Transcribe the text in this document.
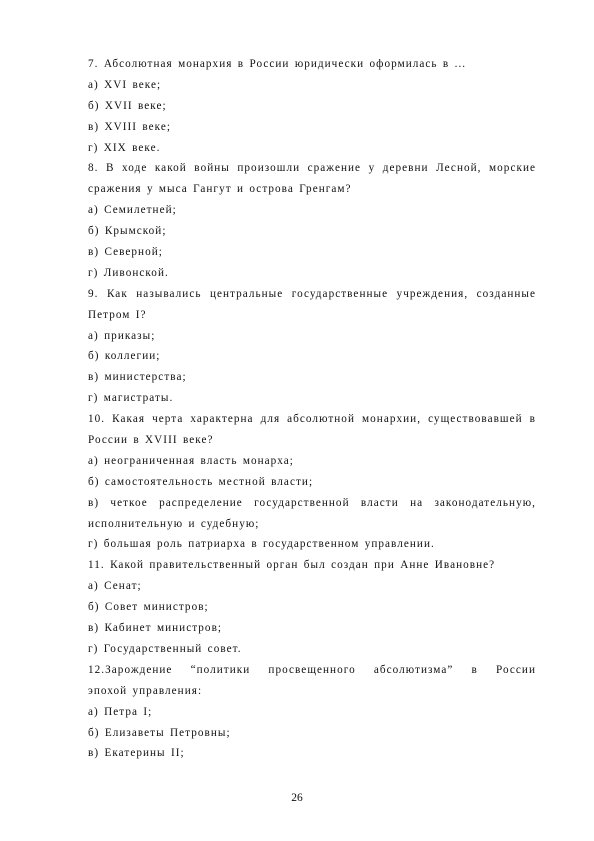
7. Абсолютная монархия в России юридически оформилась в ...
а) XVI веке;
б) XVII веке;
в) XVIII веке;
г) XIX веке.
8. В ходе какой войны произошли сражение у деревни Лесной, морские
сражения у мыса Гангут и острова Гренгам?
а) Семилетней;
б) Крымской;
в) Северной;
г) Ливонской.
9. Как назывались центральные государственные учреждения, созданные
Петром I?
а) приказы;
б) коллегии;
в) министерства;
г) магистраты.
10. Какая черта характерна для абсолютной монархии, существовавшей в
России в XVIII веке?
а) неограниченная власть монарха;
б) самостоятельность местной власти;
в) четкое распределение государственной власти на законодательную,
исполнительную и судебную;
г) большая роль патриарха в государственном управлении.
11. Какой правительственный орган был создан при Анне Ивановне?
а) Сенат;
б) Совет министров;
в) Кабинет министров;
г) Государственный совет.
12.Зарождение “политики просвещенного абсолютизма” в России
эпохой управления:
а) Петра I;
б) Елизаветы Петровны;
в) Екатерины II;
26
